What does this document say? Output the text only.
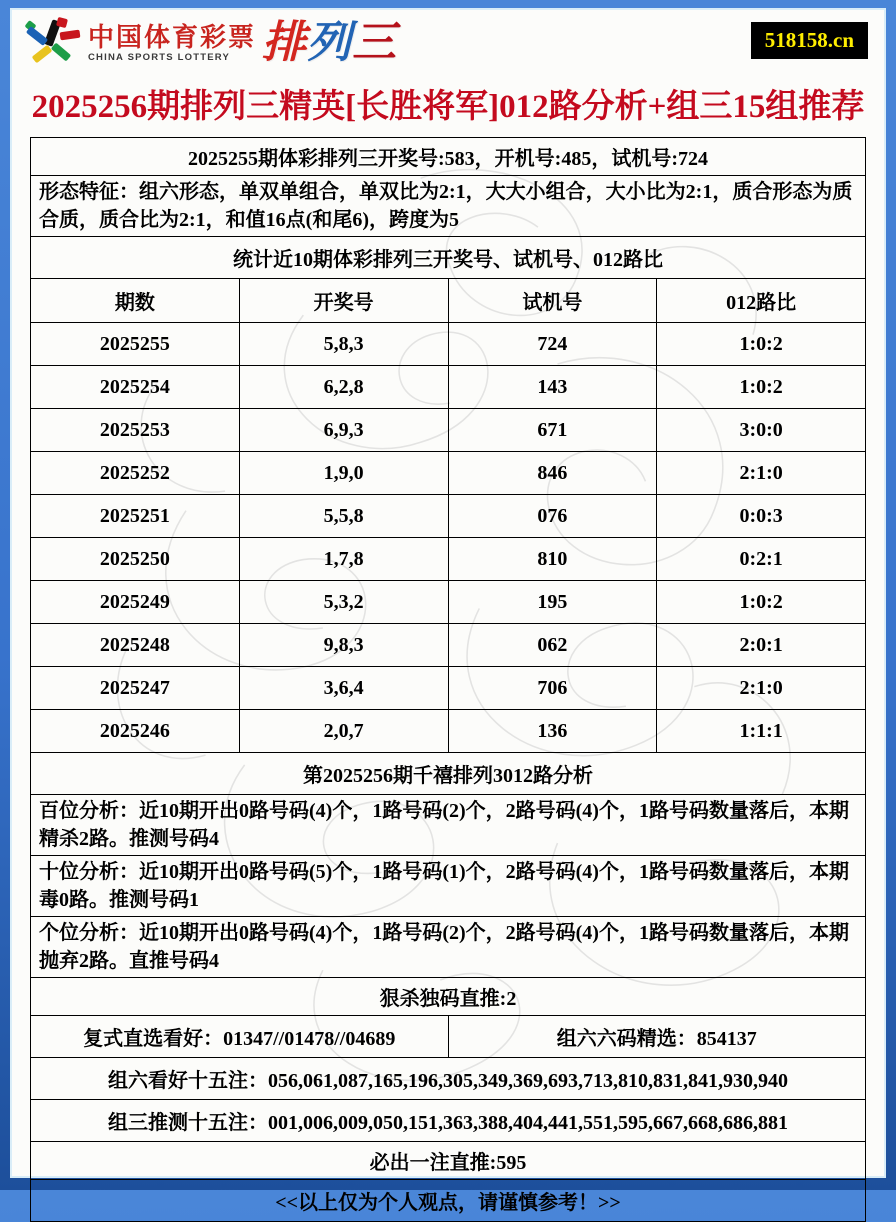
中国体育彩票
CHINA SPORTS LOTTERY 排列三	518158.cn
2025256期排列三精英[长胜将军]012路分析+组三15组推荐
2025255期体彩排列三开奖号:583，开机号:485，试机号:724			
形态特征：组六形态，单双单组合，单双比为2:1，大大小组合，大小比为2:1，质合形态为质合质，质合比为2:1，和值16点(和尾6)，跨度为5			
统计近10期体彩排列三开奖号、试机号、012路比			
期数	开奖号	试机号	012路比
2025255	5,8,3	724	1:0:2
2025254	6,2,8	143	1:0:2
2025253	6,9,3	671	3:0:0
2025252	1,9,0	846	2:1:0
2025251	5,5,8	076	0:0:3
2025250	1,7,8	810	0:2:1
2025249	5,3,2	195	1:0:2
2025248	9,8,3	062	2:0:1
2025247	3,6,4	706	2:1:0
2025246	2,0,7	136	1:1:1
第2025256期千禧排列3012路分析			
百位分析：近10期开出0路号码(4)个，1路号码(2)个，2路号码(4)个，1路号码数量落后，本期精杀2路。推测号码4			
十位分析：近10期开出0路号码(5)个，1路号码(1)个，2路号码(4)个，1路号码数量落后，本期毒0路。推测号码1			
个位分析：近10期开出0路号码(4)个，1路号码(2)个，2路号码(4)个，1路号码数量落后，本期抛弃2路。直推号码4			
狠杀独码直推:2			
复式直选看好：01347//01478//04689		组六六码精选：854137	
组六看好十五注：056,061,087,165,196,305,349,369,693,713,810,831,841,930,940			
组三推测十五注：001,006,009,050,151,363,388,404,441,551,595,667,668,686,881			
必出一注直推:595			
<<以上仅为个人观点，请谨慎参考！>>			
